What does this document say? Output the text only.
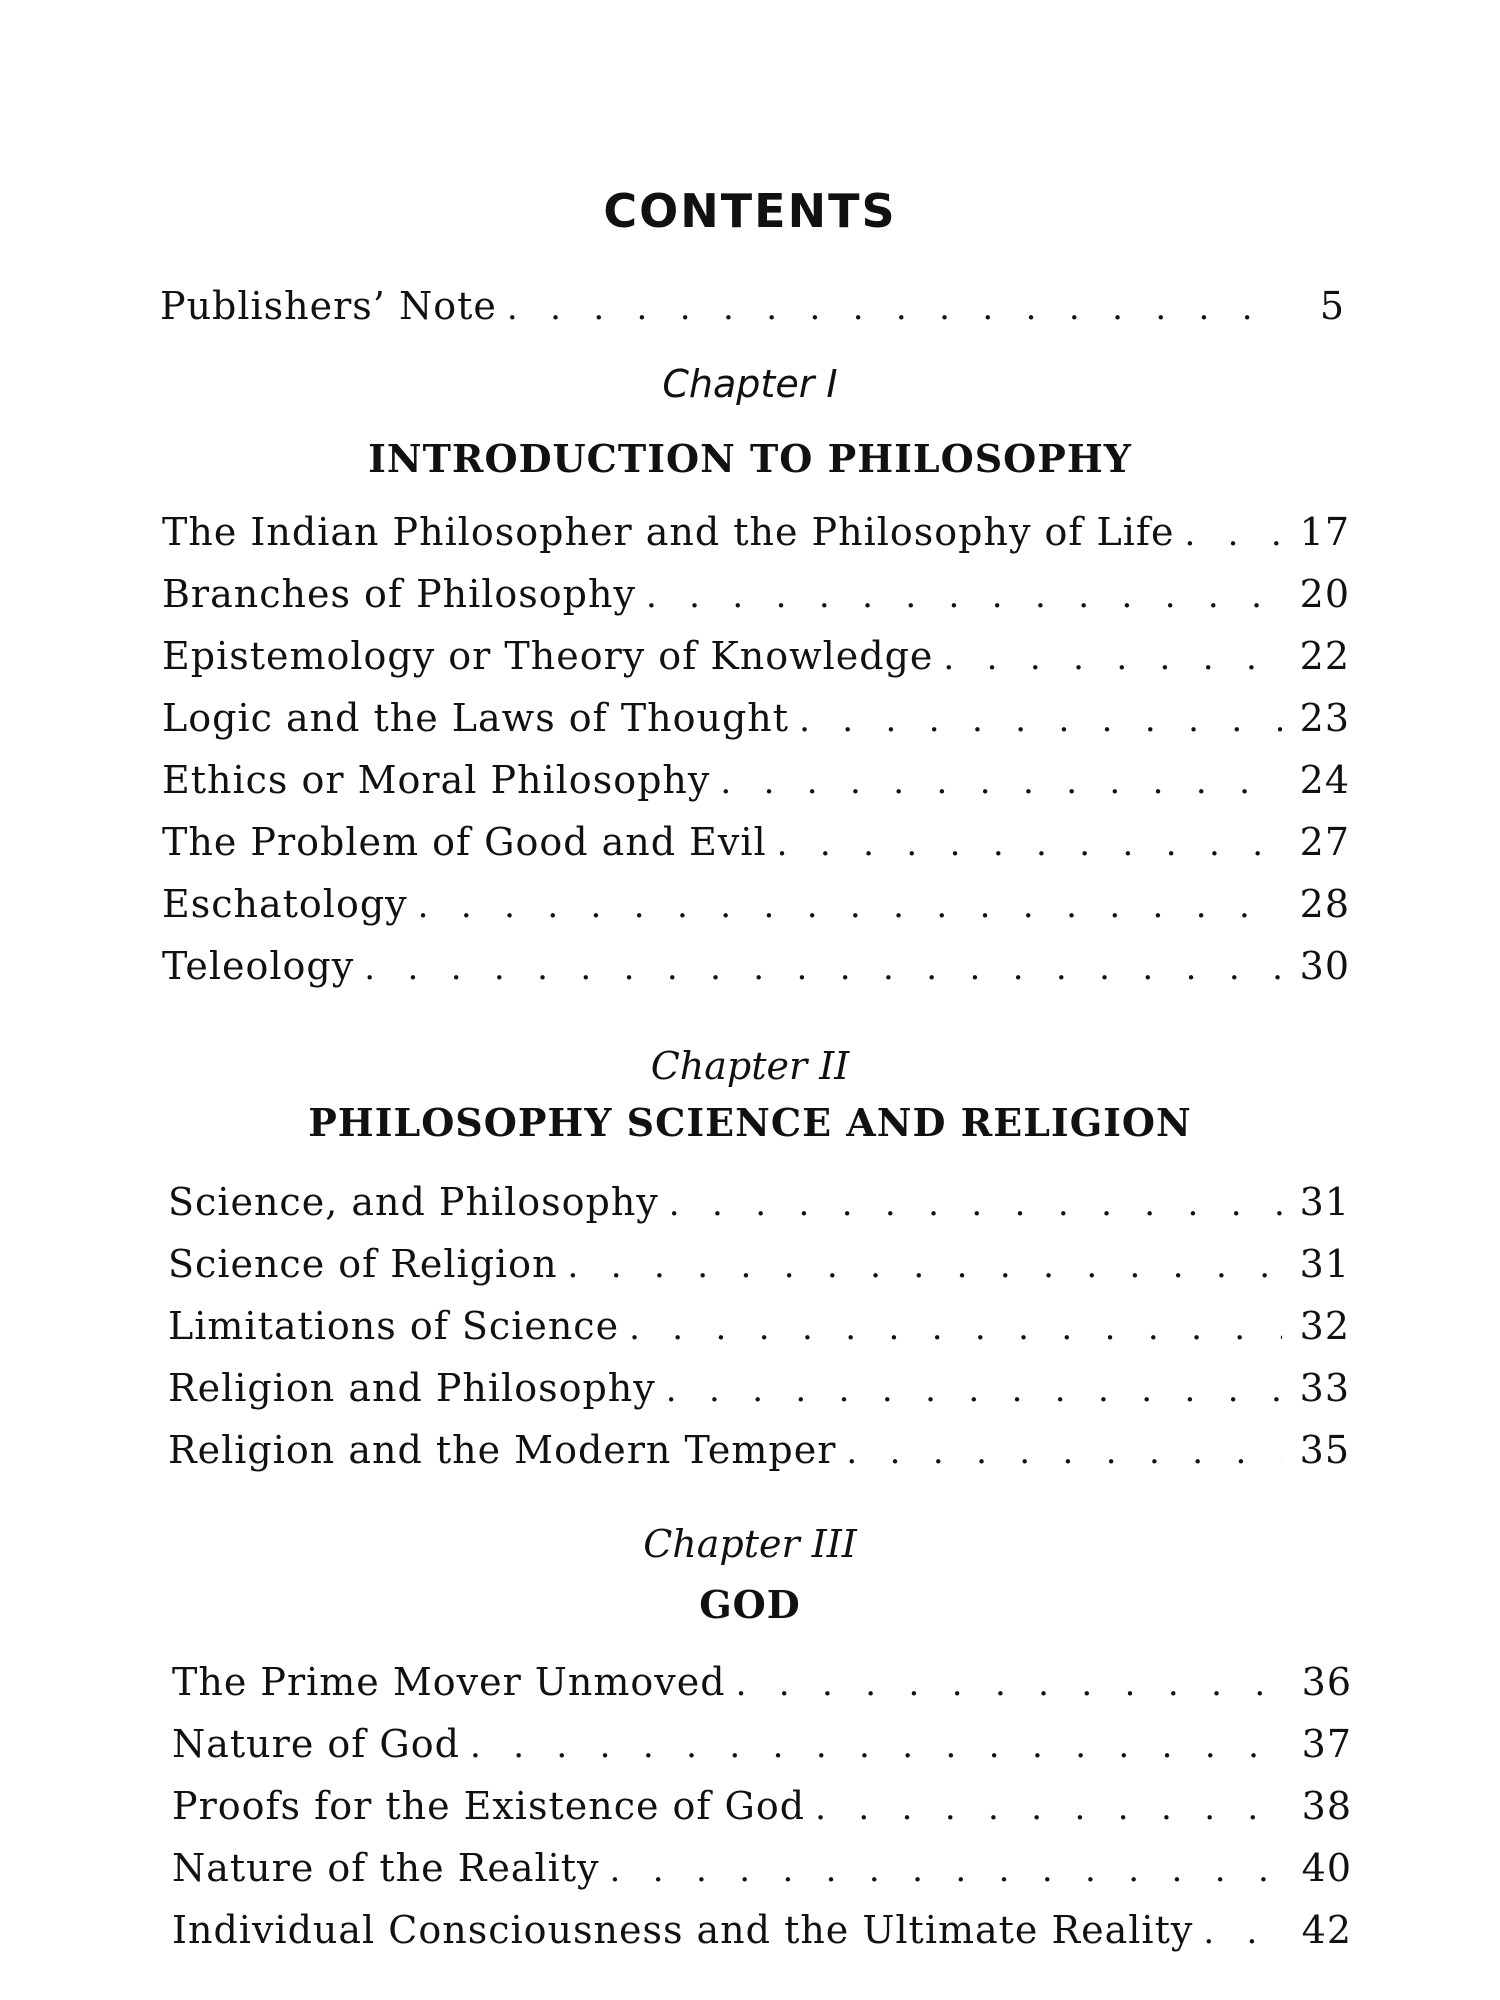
CONTENTS
Publishers’ Note . .	5
Chapter I
INTRODUCTION TO PHILOSOPHY
The Indian Philosopher and the Philosophy of Life . .	17
Branches of Philosophy . .	20
Epistemology or Theory of Knowledge . .	22
Logic and the Laws of Thought . .	23
Ethics or Moral Philosophy . .	24
The Problem of Good and Evil . .	27
Eschatology . .	28
Teleology . .	30
Chapter II
PHILOSOPHY SCIENCE AND RELIGION
Science, and Philosophy . .	31
Science of Religion . .	31
Limitations of Science . .	32
Religion and Philosophy . .	33
Religion and the Modern Temper . .	35
Chapter III
GOD
The Prime Mover Unmoved . .	36
Nature of God . .	37
Proofs for the Existence of God . .	38
Nature of the Reality . .	40
Individual Consciousness and the Ultimate Reality . .	42
